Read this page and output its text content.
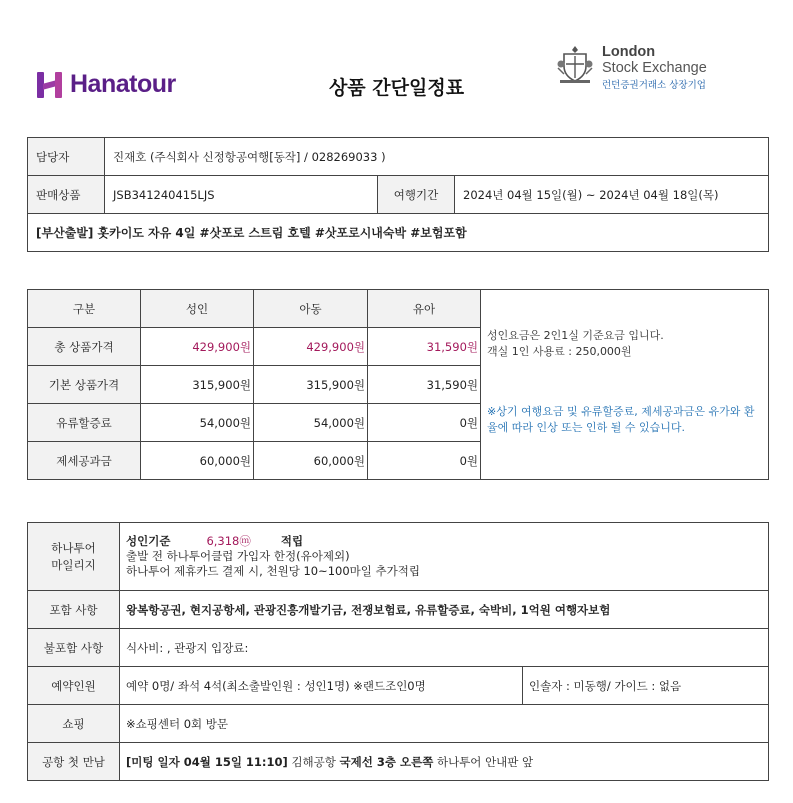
Hanatour	상품 간단일정표
London
Stock Exchange
런던증권거래소 상장기업
담당자	진재호 (주식회사 신정항공여행[동작] / 028269033 )		
판매상품	JSB341240415LJS	여행기간	2024년 04월 15일(월) ~ 2024년 04월 18일(목)
[부산출발] 홋카이도 자유 4일 #삿포로 스트림 호텔 #삿포로시내숙박 #보험포함			
구분	성인	아동	유아	성인요금은 2인1실 기준요금 입니다.
객실 1인 사용료 : 250,000원
※상기 여행요금 및 유류할증료, 제세공과금은 유가와 환율에 따라 인상 또는 인하 될 수 있습니다.

총 상품가격	429,900원	429,900원	31,590원	
기본 상품가격	315,900원	315,900원	31,590원	
유류할증료	54,000원	54,000원	0원	
제세공과금	60,000원	60,000원	0원	
하나투어
마일리지	성인기준 6,318ⓜ 적립
출발 전 하나투어클럽 가입자 한정(유아제외)
하나투어 제휴카드 결제 시, 천원당 10~100마일 추가적립	
포함 사항	왕복항공권, 현지공항세, 관광진흥개발기금, 전쟁보험료, 유류할증료, 숙박비, 1억원 여행자보험	
불포함 사항	식사비: , 관광지 입장료:	
예약인원	예약 0명/ 좌석 4석(최소출발인원 : 성인1명) ※랜드조인0명	인솔자 : 미동행/ 가이드 : 없음
쇼핑	※쇼핑센터 0회 방문	
공항 첫 만남	[미팅 일자 04월 15일 11:10] 김해공항 국제선 3층 오른쪽 하나투어 안내판 앞	
